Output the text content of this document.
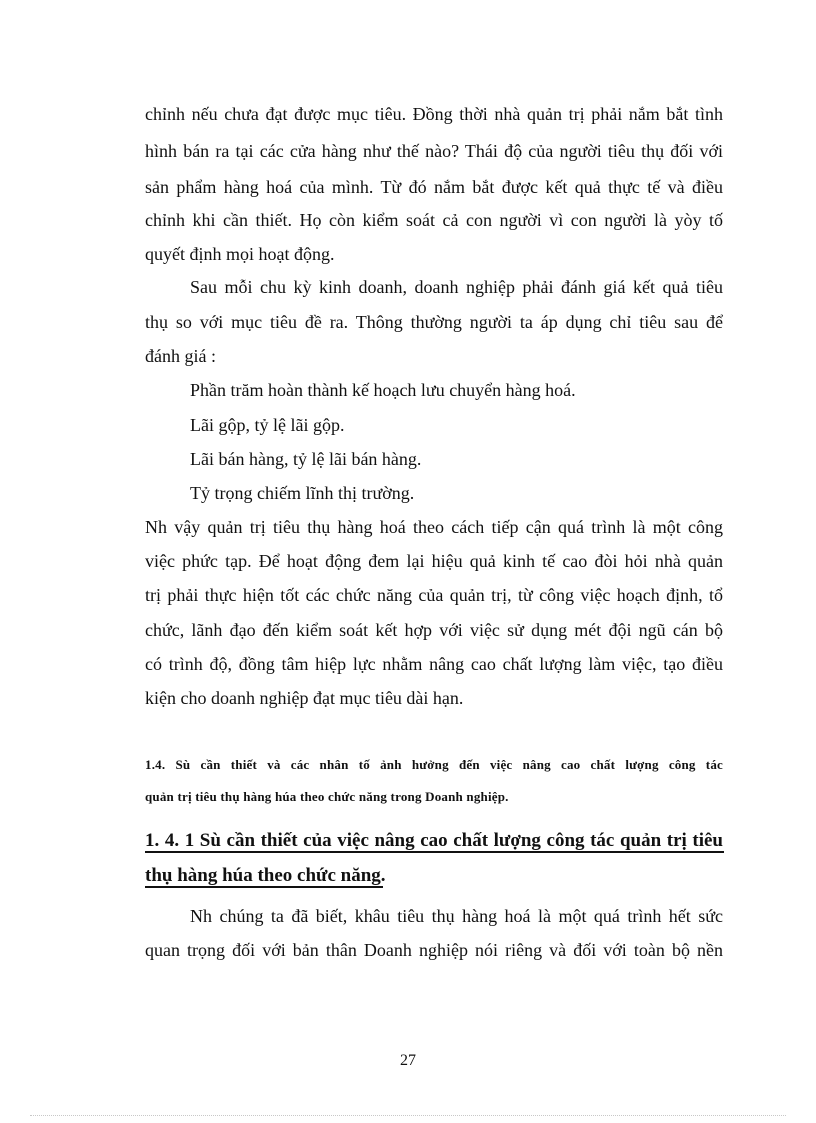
chỉnh nếu chưa đạt được mục tiêu. Đồng thời nhà quản trị phải nắm bắt tình
hình bán ra tại các cửa hàng như thế nào? Thái độ của người tiêu thụ đối với
sản phẩm hàng hoá của mình. Từ đó nắm bắt được kết quả thực tế và điều
chỉnh khi cần thiết. Họ còn kiểm soát cả con người vì con người là yòy tố
quyết định mọi hoạt động.
Sau mỗi chu kỳ kinh doanh, doanh nghiệp phải đánh giá kết quả tiêu
thụ so với mục tiêu đề ra. Thông thường người ta áp dụng chỉ tiêu sau để
đánh giá :
Phần trăm hoàn thành kế hoạch lưu chuyển hàng hoá.
Lãi gộp, tỷ lệ lãi gộp.
Lãi bán hàng, tỷ lệ lãi bán hàng.
Tỷ trọng chiếm lĩnh thị trường.
Nh vậy quản trị tiêu thụ hàng hoá theo cách tiếp cận quá trình là một công
việc phức tạp. Để hoạt động đem lại hiệu quả kinh tế cao đòi hỏi nhà quản
trị phải thực hiện tốt các chức năng của quản trị, từ công việc hoạch định, tổ
chức, lãnh đạo đến kiểm soát kết hợp với việc sử dụng mét đội ngũ cán bộ
có trình độ, đồng tâm hiệp lực nhằm nâng cao chất lượng làm việc, tạo điều
kiện cho doanh nghiệp đạt mục tiêu dài hạn.
1.4. Sù cần thiết và các nhân tố ảnh hưởng đến việc nâng cao chất lượng công tác
quản trị tiêu thụ hàng húa theo chức năng trong Doanh nghiệp.
1. 4. 1 Sù cần thiết của việc nâng cao chất lượng công tác quản trị tiêu
thụ hàng húa theo chức năng.
Nh chúng ta đã biết, khâu tiêu thụ hàng hoá là một quá trình hết sức
quan trọng đối với bản thân Doanh nghiệp nói riêng và đối với toàn bộ nền
27
